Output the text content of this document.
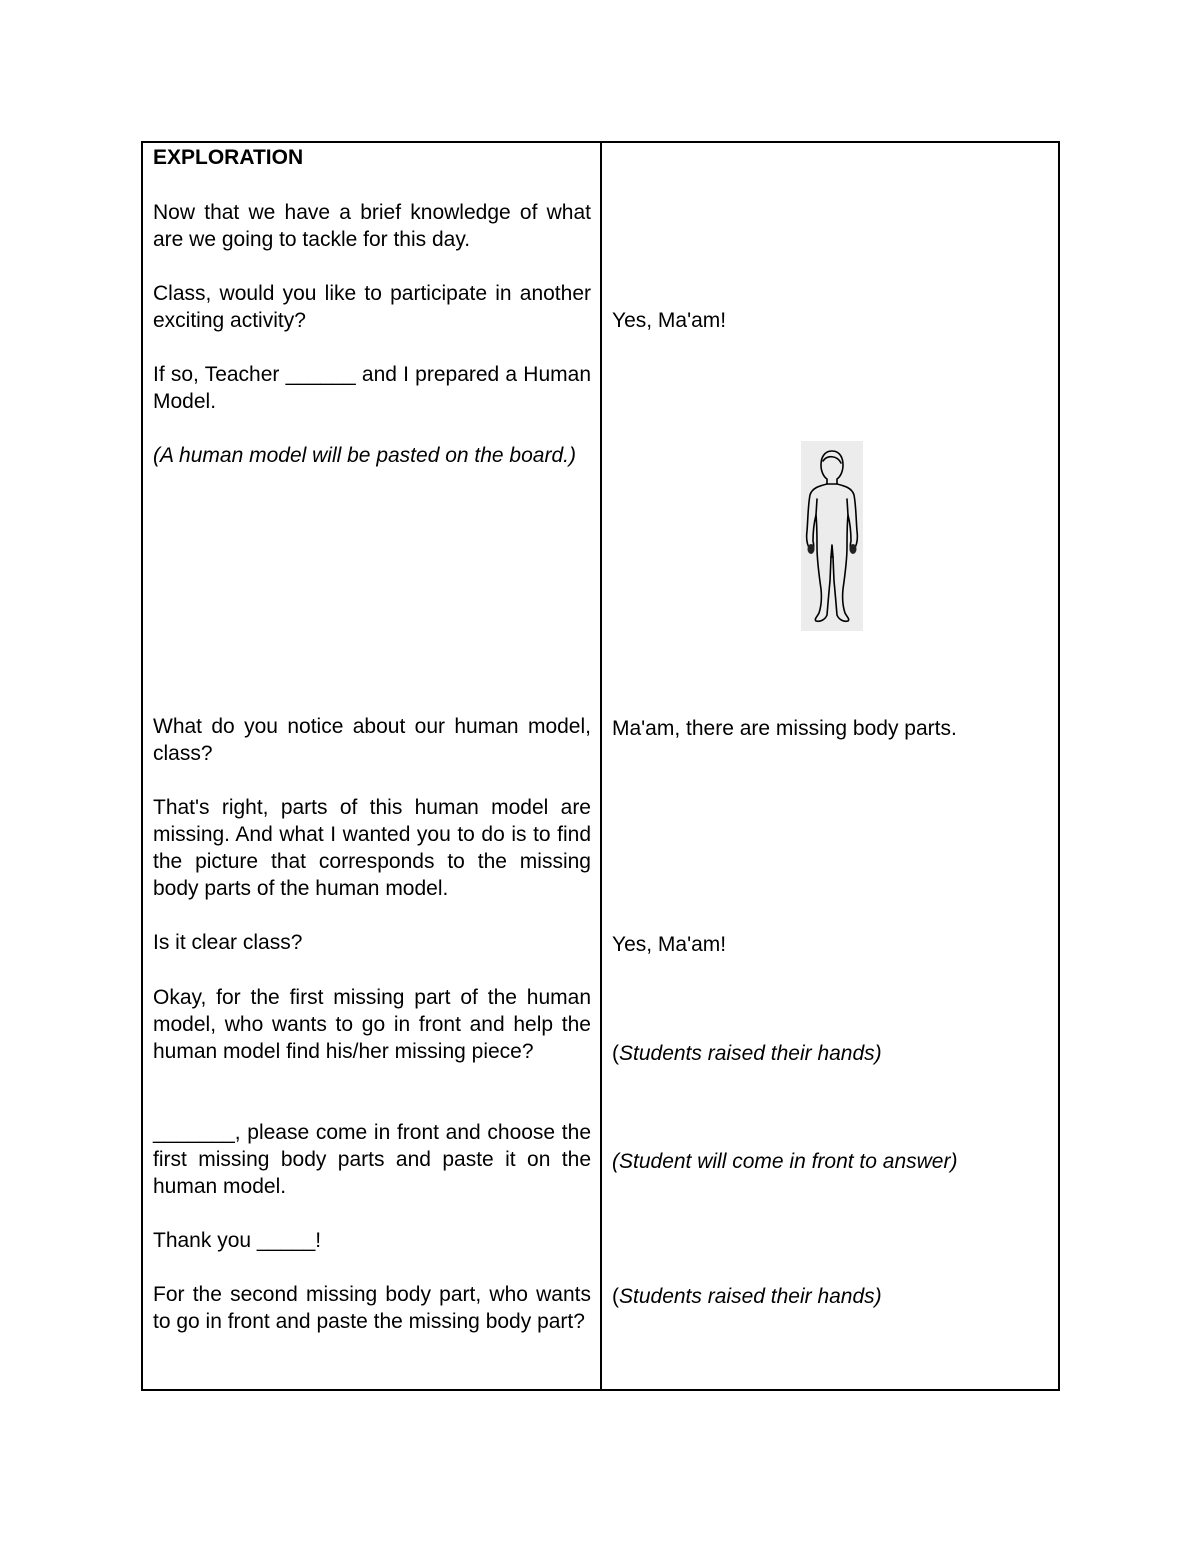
EXPLORATION

Now that we have a brief knowledge of what are we going to tackle for this day.

Class, would you like to participate in another exciting activity?

If so, Teacher ______ and I prepared a Human Model.

(A human model will be pasted on the board.)

What do you notice about our human model, class?

That's right, parts of this human model are missing. And what I wanted you to do is to find the picture that corresponds to the missing body parts of the human model.

Is it clear class?

Okay, for the first missing part of the human model, who wants to go in front and help the human model find his/her missing piece?

_______, please come in front and choose the first missing body parts and paste it on the human model.

Thank you _____!

For the second missing body part, who wants to go in front and paste the missing body part?

Yes, Ma'am!

Ma'am, there are missing body parts.

Yes, Ma'am!

(Students raised their hands)

(Student will come in front to answer)

(Students raised their hands)
